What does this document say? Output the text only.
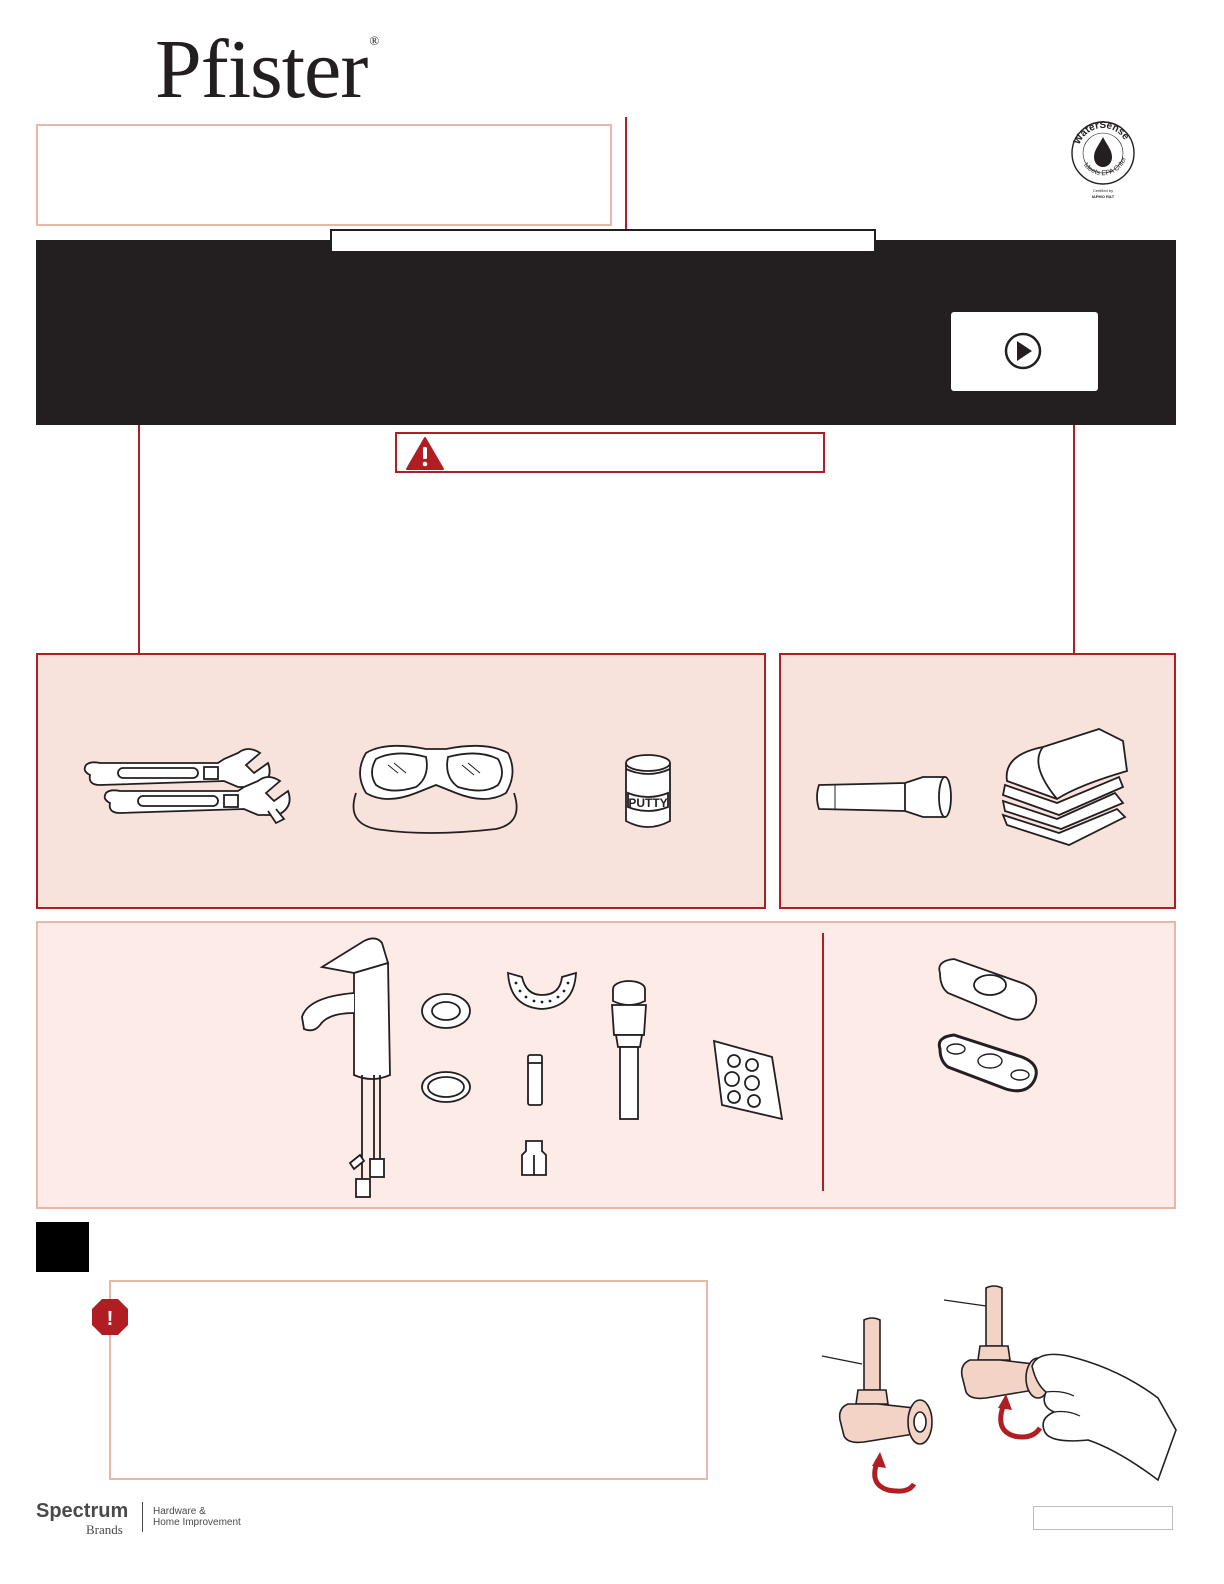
Pfister ®
WaterSense
Meets EPA Criter
Certified by
IAPMO R&T
PUTTY
!
Spectrum
Brands
Hardware &
Home Improvement
